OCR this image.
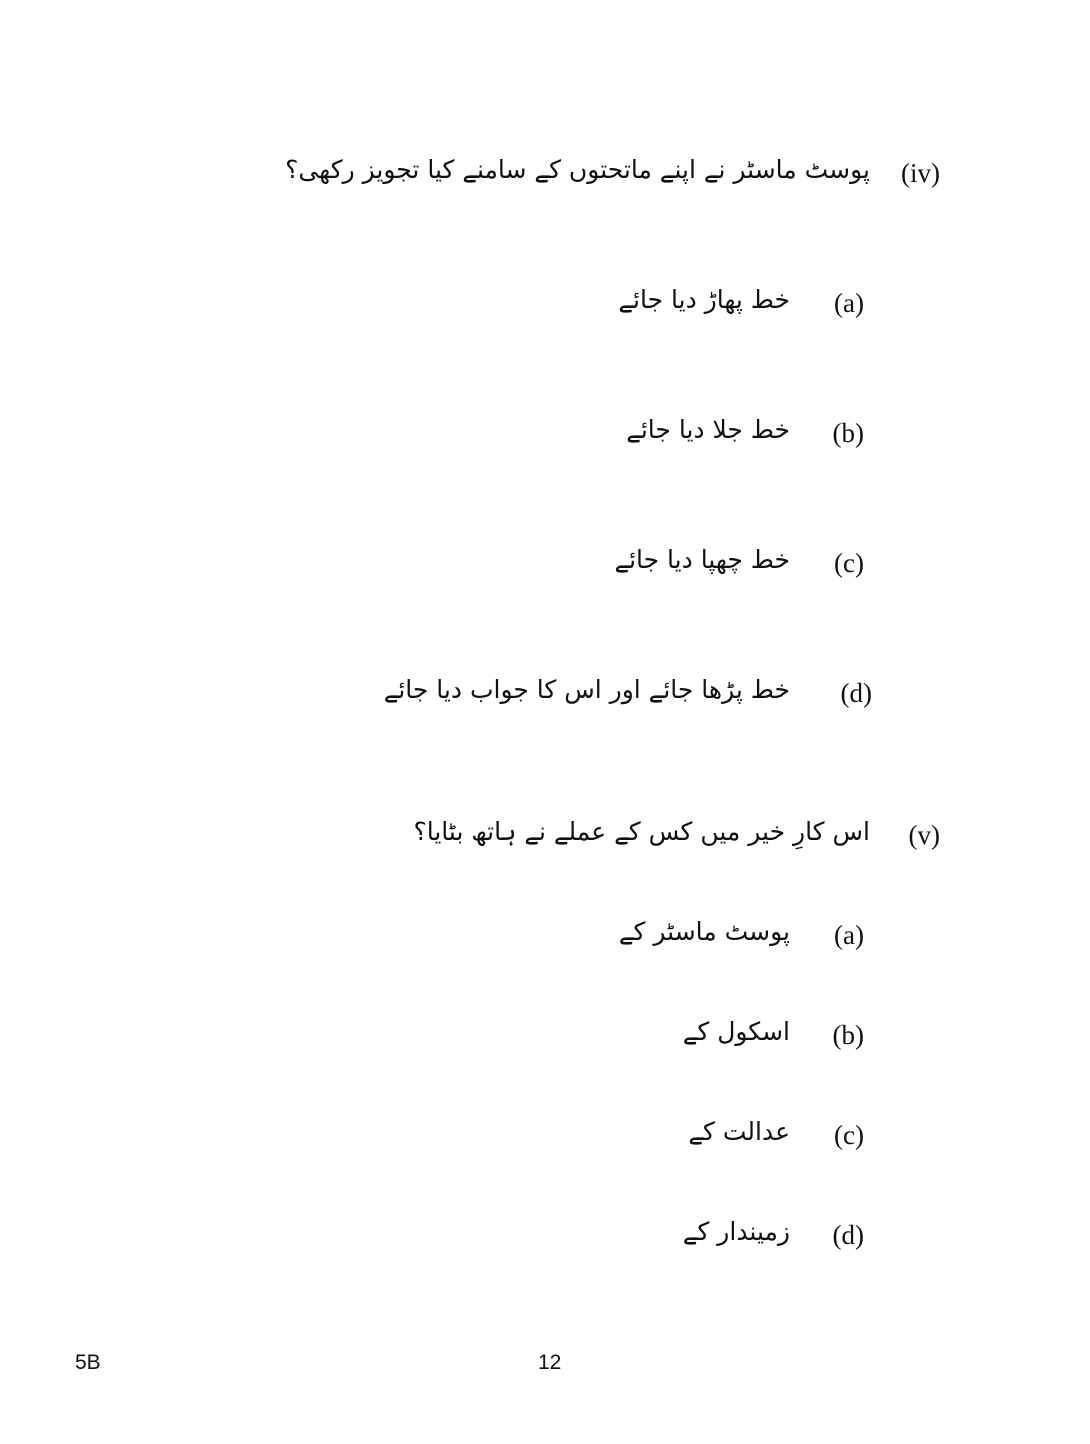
(iv)
پوسٹ ماسٹر نے اپنے ماتحتوں کے سامنے کیا تجویز رکھی؟
(a)
خط پھاڑ دیا جائے
(b)
خط جلا دیا جائے
(c)
خط چھپا دیا جائے
(d)
خط پڑھا جائے اور اس کا جواب دیا جائے
(v)
اس کارِ خیر میں کس کے عملے نے ہاتھ بٹایا؟
(a)
پوسٹ ماسٹر کے
(b)
اسکول کے
(c)
عدالت کے
(d)
زمیندار کے
5B	12
